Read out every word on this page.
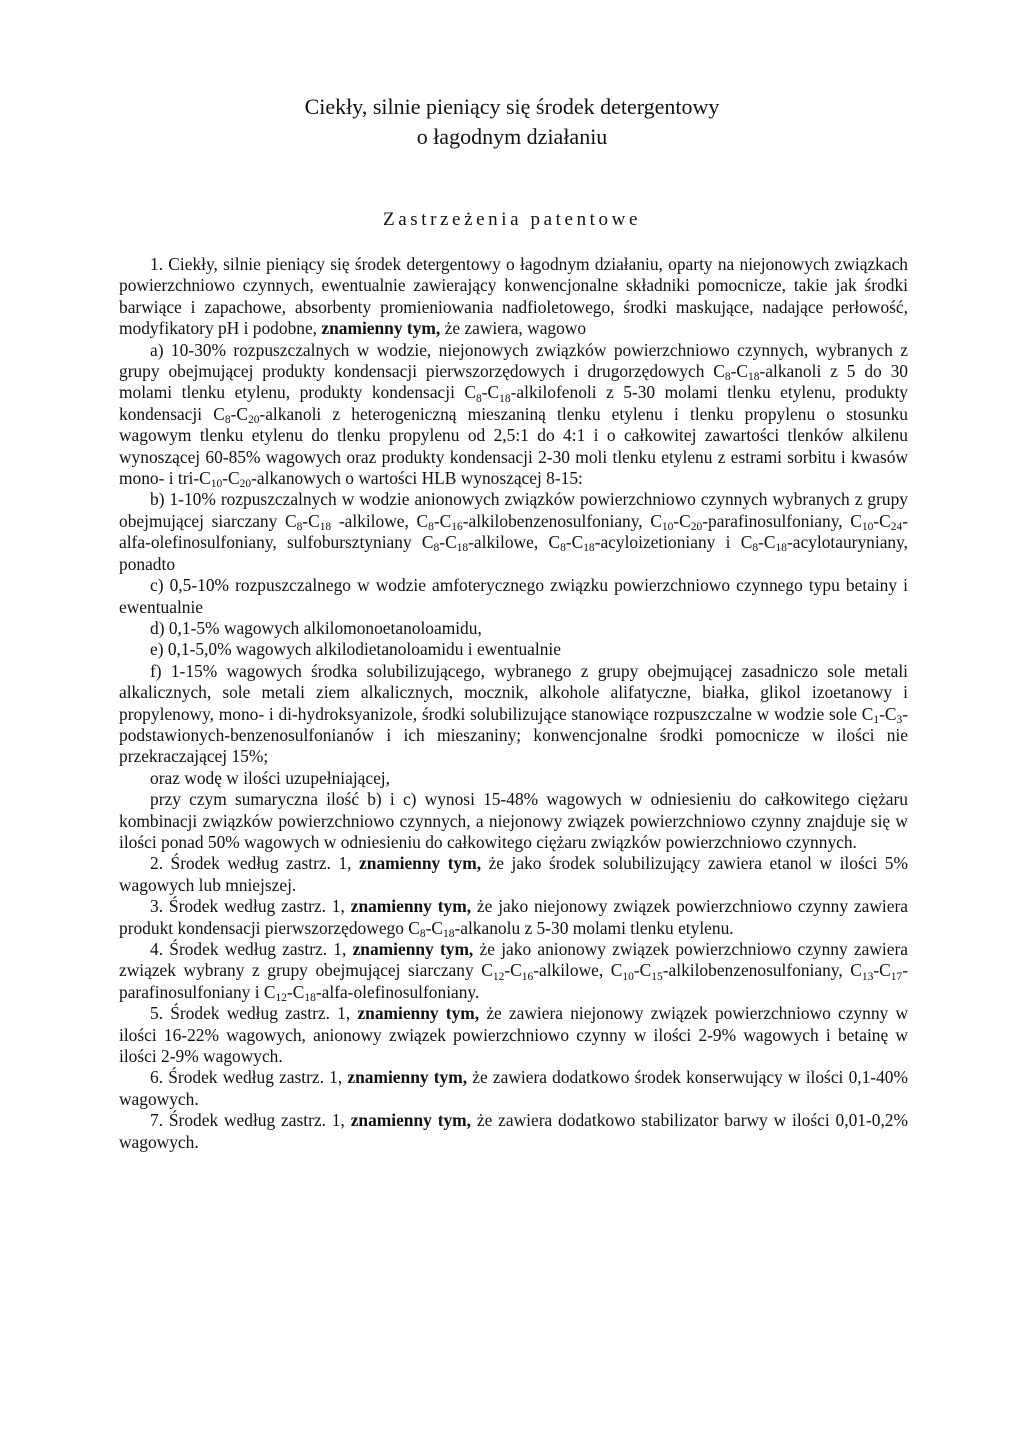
Ciekły, silnie pieniący się środek detergentowy
o łagodnym działaniu
Zastrzeżenia patentowe

1. Ciekły, silnie pieniący się środek detergentowy o łagodnym działaniu, oparty na niejonowych związkach powierzchniowo czynnych, ewentualnie zawierający konwencjonalne składniki pomocnicze, takie jak środki barwiące i zapachowe, absorbenty promieniowania nadfioletowego, środki maskujące, nadające perłowość, modyfikatory pH i podobne, znamienny tym, że zawiera, wagowo

a) 10-30% rozpuszczalnych w wodzie, niejonowych związków powierzchniowo czynnych, wybranych z grupy obejmującej produkty kondensacji pierwszorzędowych i drugorzędowych $C_8-C_{18}$-alkanoli z 5 do 30 molami tlenku etylenu, produkty kondensacji $C_8-C_{18}$-alkilofenoli z 5-30 molami tlenku etylenu, produkty kondensacji $C_8-C_{20}$-alkanoli z heterogeniczną mieszaniną tlenku etylenu i tlenku propylenu o stosunku wagowym tlenku etylenu do tlenku propylenu od 2,5:1 do 4:1 i o całkowitej zawartości tlenków alkilenu wynoszącej 60-85% wagowych oraz produkty kondensacji 2-30 moli tlenku etylenu z estrami sorbitu i kwasów mono- i tri-$C_{10}-C_{20}$-alkanowych o wartości HLB wynoszącej 8-15:

b) 1-10% rozpuszczalnych w wodzie anionowych związków powierzchniowo czynnych wybranych z grupy obejmującej siarczany $C_8-C_{18}$ -alkilowe, $C_8-C_{16}$-alkilobenzenosulfoniany, $C_{10}-C_{20}$-parafinosulfoniany, $C_{10}-C_{24}-alfa$-olefinosulfoniany, sulfobursztyniany $C_8-C_{18}$-alkilowe, $C_8-C_{18}$-acyloizetioniany i $C_8-C_{18}$-acylotauryniany, ponadto

c) 0,5-10% rozpuszczalnego w wodzie amfoterycznego związku powierzchniowo czynnego typu betainy i ewentualnie

d) 0,1-5% wagowych alkilomonoetanoloamidu,

e) 0,1-5,0% wagowych alkilodietanoloamidu i ewentualnie

f) 1-15% wagowych środka solubilizującego, wybranego z grupy obejmującej zasadniczo sole metali alkalicznych, sole metali ziem alkalicznych, mocznik, alkohole alifatyczne, białka, glikol izoetanowy i propylenowy, mono- i di-hydroksyanizole, środki solubilizujące stanowiące rozpuszczalne w wodzie sole $C_1-C_3-podstawionych$-benzenosulfonianów i ich mieszaniny; konwencjonalne środki pomocnicze w ilości nie przekraczającej 15%;

oraz wodę w ilości uzupełniającej,

przy czym sumaryczna ilość b) i c) wynosi 15-48% wagowych w odniesieniu do całkowitego ciężaru kombinacji związków powierzchniowo czynnych, a niejonowy związek powierzchniowo czynny znajduje się w ilości ponad 50% wagowych w odniesieniu do całkowitego ciężaru związków powierzchniowo czynnych.

2. Środek według zastrz. 1, znamienny tym, że jako środek solubilizujący zawiera etanol w ilości 5% wagowych lub mniejszej.

3. Środek według zastrz. 1, znamienny tym, że jako niejonowy związek powierzchniowo czynny zawiera produkt kondensacji pierwszorzędowego $C_8-C_{18}$-alkanolu z 5-30 molami tlenku etylenu.

4. Środek według zastrz. 1, znamienny tym, że jako anionowy związek powierzchniowo czynny zawiera związek wybrany z grupy obejmującej siarczany $C_{12}-C_{16}$-alkilowe, $C_{10}-C_{15}$-alkilobenzenosulfoniany, $C_{13}-C_{17}$-parafinosulfoniany i $C_{12}-C_{18}-alfa$-olefinosulfoniany.

5. Środek według zastrz. 1, znamienny tym, że zawiera niejonowy związek powierzchniowo czynny w ilości 16-22% wagowych, anionowy związek powierzchniowo czynny w ilości 2-9% wagowych i betainę w ilości 2-9% wagowych.

6. Środek według zastrz. 1, znamienny tym, że zawiera dodatkowo środek konserwujący w ilości 0,1-40% wagowych.

7. Środek według zastrz. 1, znamienny tym, że zawiera dodatkowo stabilizator barwy w ilości 0,01-0,2% wagowych.
